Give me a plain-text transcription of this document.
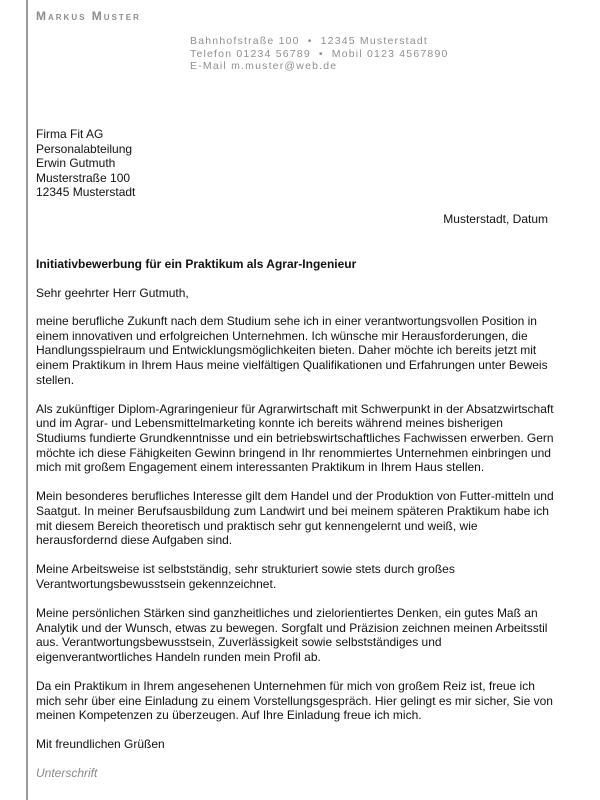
Markus Muster
Bahnhofstraße 100 • 12345 Musterstadt
Telefon 01234 56789 • Mobil 0123 4567890
E-Mail m.muster@web.de
Firma Fit AG
Personalabteilung
Erwin Gutmuth
Musterstraße 100
12345 Musterstadt
Musterstadt, Datum
Initiativbewerbung für ein Praktikum als Agrar-Ingenieur
Sehr geehrter Herr Gutmuth,

meine berufliche Zukunft nach dem Studium sehe ich in einer verantwortungsvollen Position in einem innovativen und erfolgreichen Unternehmen. Ich wünsche mir Herausforderungen, die Handlungsspielraum und Entwicklungsmöglichkeiten bieten. Daher möchte ich bereits jetzt mit einem Praktikum in Ihrem Haus meine vielfältigen Qualifikationen und Erfahrungen unter Beweis stellen.

Als zukünftiger Diplom-Agraringenieur für Agrarwirtschaft mit Schwerpunkt in der Absatzwirtschaft und im Agrar- und Lebensmittelmarketing konnte ich bereits während meines bisherigen Studiums fundierte Grundkenntnisse und ein betriebswirtschaftliches Fachwissen erwerben. Gern möchte ich diese Fähigkeiten Gewinn bringend in Ihr renommiertes Unternehmen einbringen und mich mit großem Engagement einem interessanten Praktikum in Ihrem Haus stellen.

Mein besonderes berufliches Interesse gilt dem Handel und der Produktion von Futter-mitteln und Saatgut. In meiner Berufsausbildung zum Landwirt und bei meinem späteren Praktikum habe ich mit diesem Bereich theoretisch und praktisch sehr gut kennengelernt und weiß, wie herausfordernd diese Aufgaben sind.

Meine Arbeitsweise ist selbstständig, sehr strukturiert sowie stets durch großes Verantwortungsbewusstsein gekennzeichnet.

Meine persönlichen Stärken sind ganzheitliches und zielorientiertes Denken, ein gutes Maß an Analytik und der Wunsch, etwas zu bewegen. Sorgfalt und Präzision zeichnen meinen Arbeitsstil aus. Verantwortungsbewusstsein, Zuverlässigkeit sowie selbstständiges und eigenverantwortliches Handeln runden mein Profil ab.

Da ein Praktikum in Ihrem angesehenen Unternehmen für mich von großem Reiz ist, freue ich mich sehr über eine Einladung zu einem Vorstellungsgespräch. Hier gelingt es mir sicher, Sie von meinen Kompetenzen zu überzeugen. Auf Ihre Einladung freue ich mich.

Mit freundlichen Grüßen
Unterschrift
